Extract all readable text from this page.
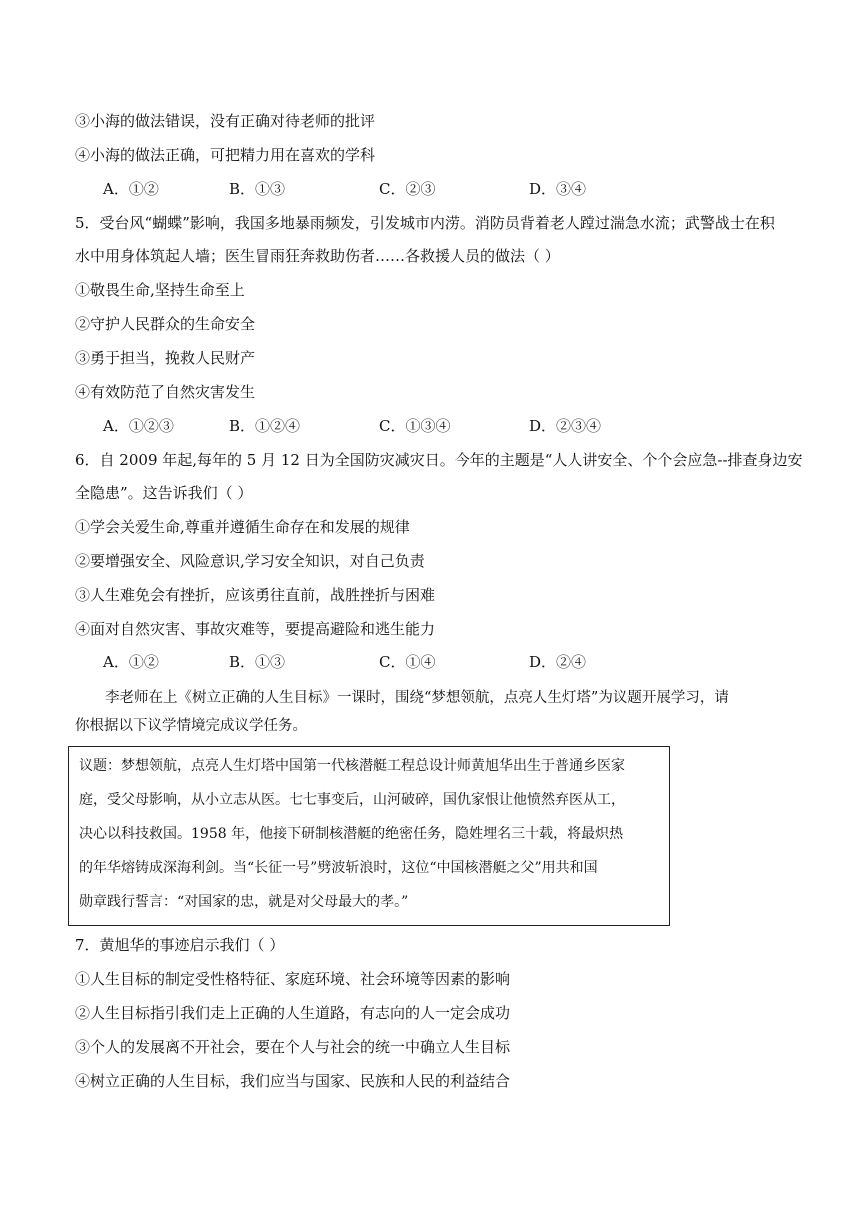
③小海的做法错误，没有正确对待老师的批评
④小海的做法正确，可把精力用在喜欢的学科
A．①②	B．①③	C．②③	D．③④
5．受台风“蝴蝶”影响，我国多地暴雨频发，引发城市内涝。消防员背着老人蹚过湍急水流；武警战士在积
水中用身体筑起人墙；医生冒雨狂奔救助伤者……各救援人员的做法（ ）
①敬畏生命,坚持生命至上
②守护人民群众的生命安全
③勇于担当，挽救人民财产
④有效防范了自然灾害发生
A．①②③	B．①②④	C．①③④	D．②③④
6．自 2009 年起,每年的 5 月 12 日为全国防灾减灾日。今年的主题是“人人讲安全、个个会应急--排查身边安
全隐患”。这告诉我们（ ）
①学会关爱生命,尊重并遵循生命存在和发展的规律
②要增强安全、风险意识,学习安全知识，对自己负责
③人生难免会有挫折，应该勇往直前，战胜挫折与困难
④面对自然灾害、事故灾难等，要提高避险和逃生能力
A．①②	B．①③	C．①④	D．②④
李老师在上《树立正确的人生目标》一课时，围绕“梦想领航，点亮人生灯塔”为议题开展学习，请
你根据以下议学情境完成议学任务。
议题：梦想领航，点亮人生灯塔中国第一代核潜艇工程总设计师黄旭华出生于普通乡医家
庭，受父母影响，从小立志从医。七七事变后，山河破碎，国仇家恨让他愤然弃医从工，
决心以科技救国。1958 年，他接下研制核潜艇的绝密任务，隐姓埋名三十载，将最炽热
的年华熔铸成深海利剑。当“长征一号”劈波斩浪时，这位“中国核潜艇之父”用共和国
勋章践行誓言：“对国家的忠，就是对父母最大的孝。”
7．黄旭华的事迹启示我们（ ）
①人生目标的制定受性格特征、家庭环境、社会环境等因素的影响
②人生目标指引我们走上正确的人生道路，有志向的人一定会成功
③个人的发展离不开社会，要在个人与社会的统一中确立人生目标
④树立正确的人生目标，我们应当与国家、民族和人民的利益结合
